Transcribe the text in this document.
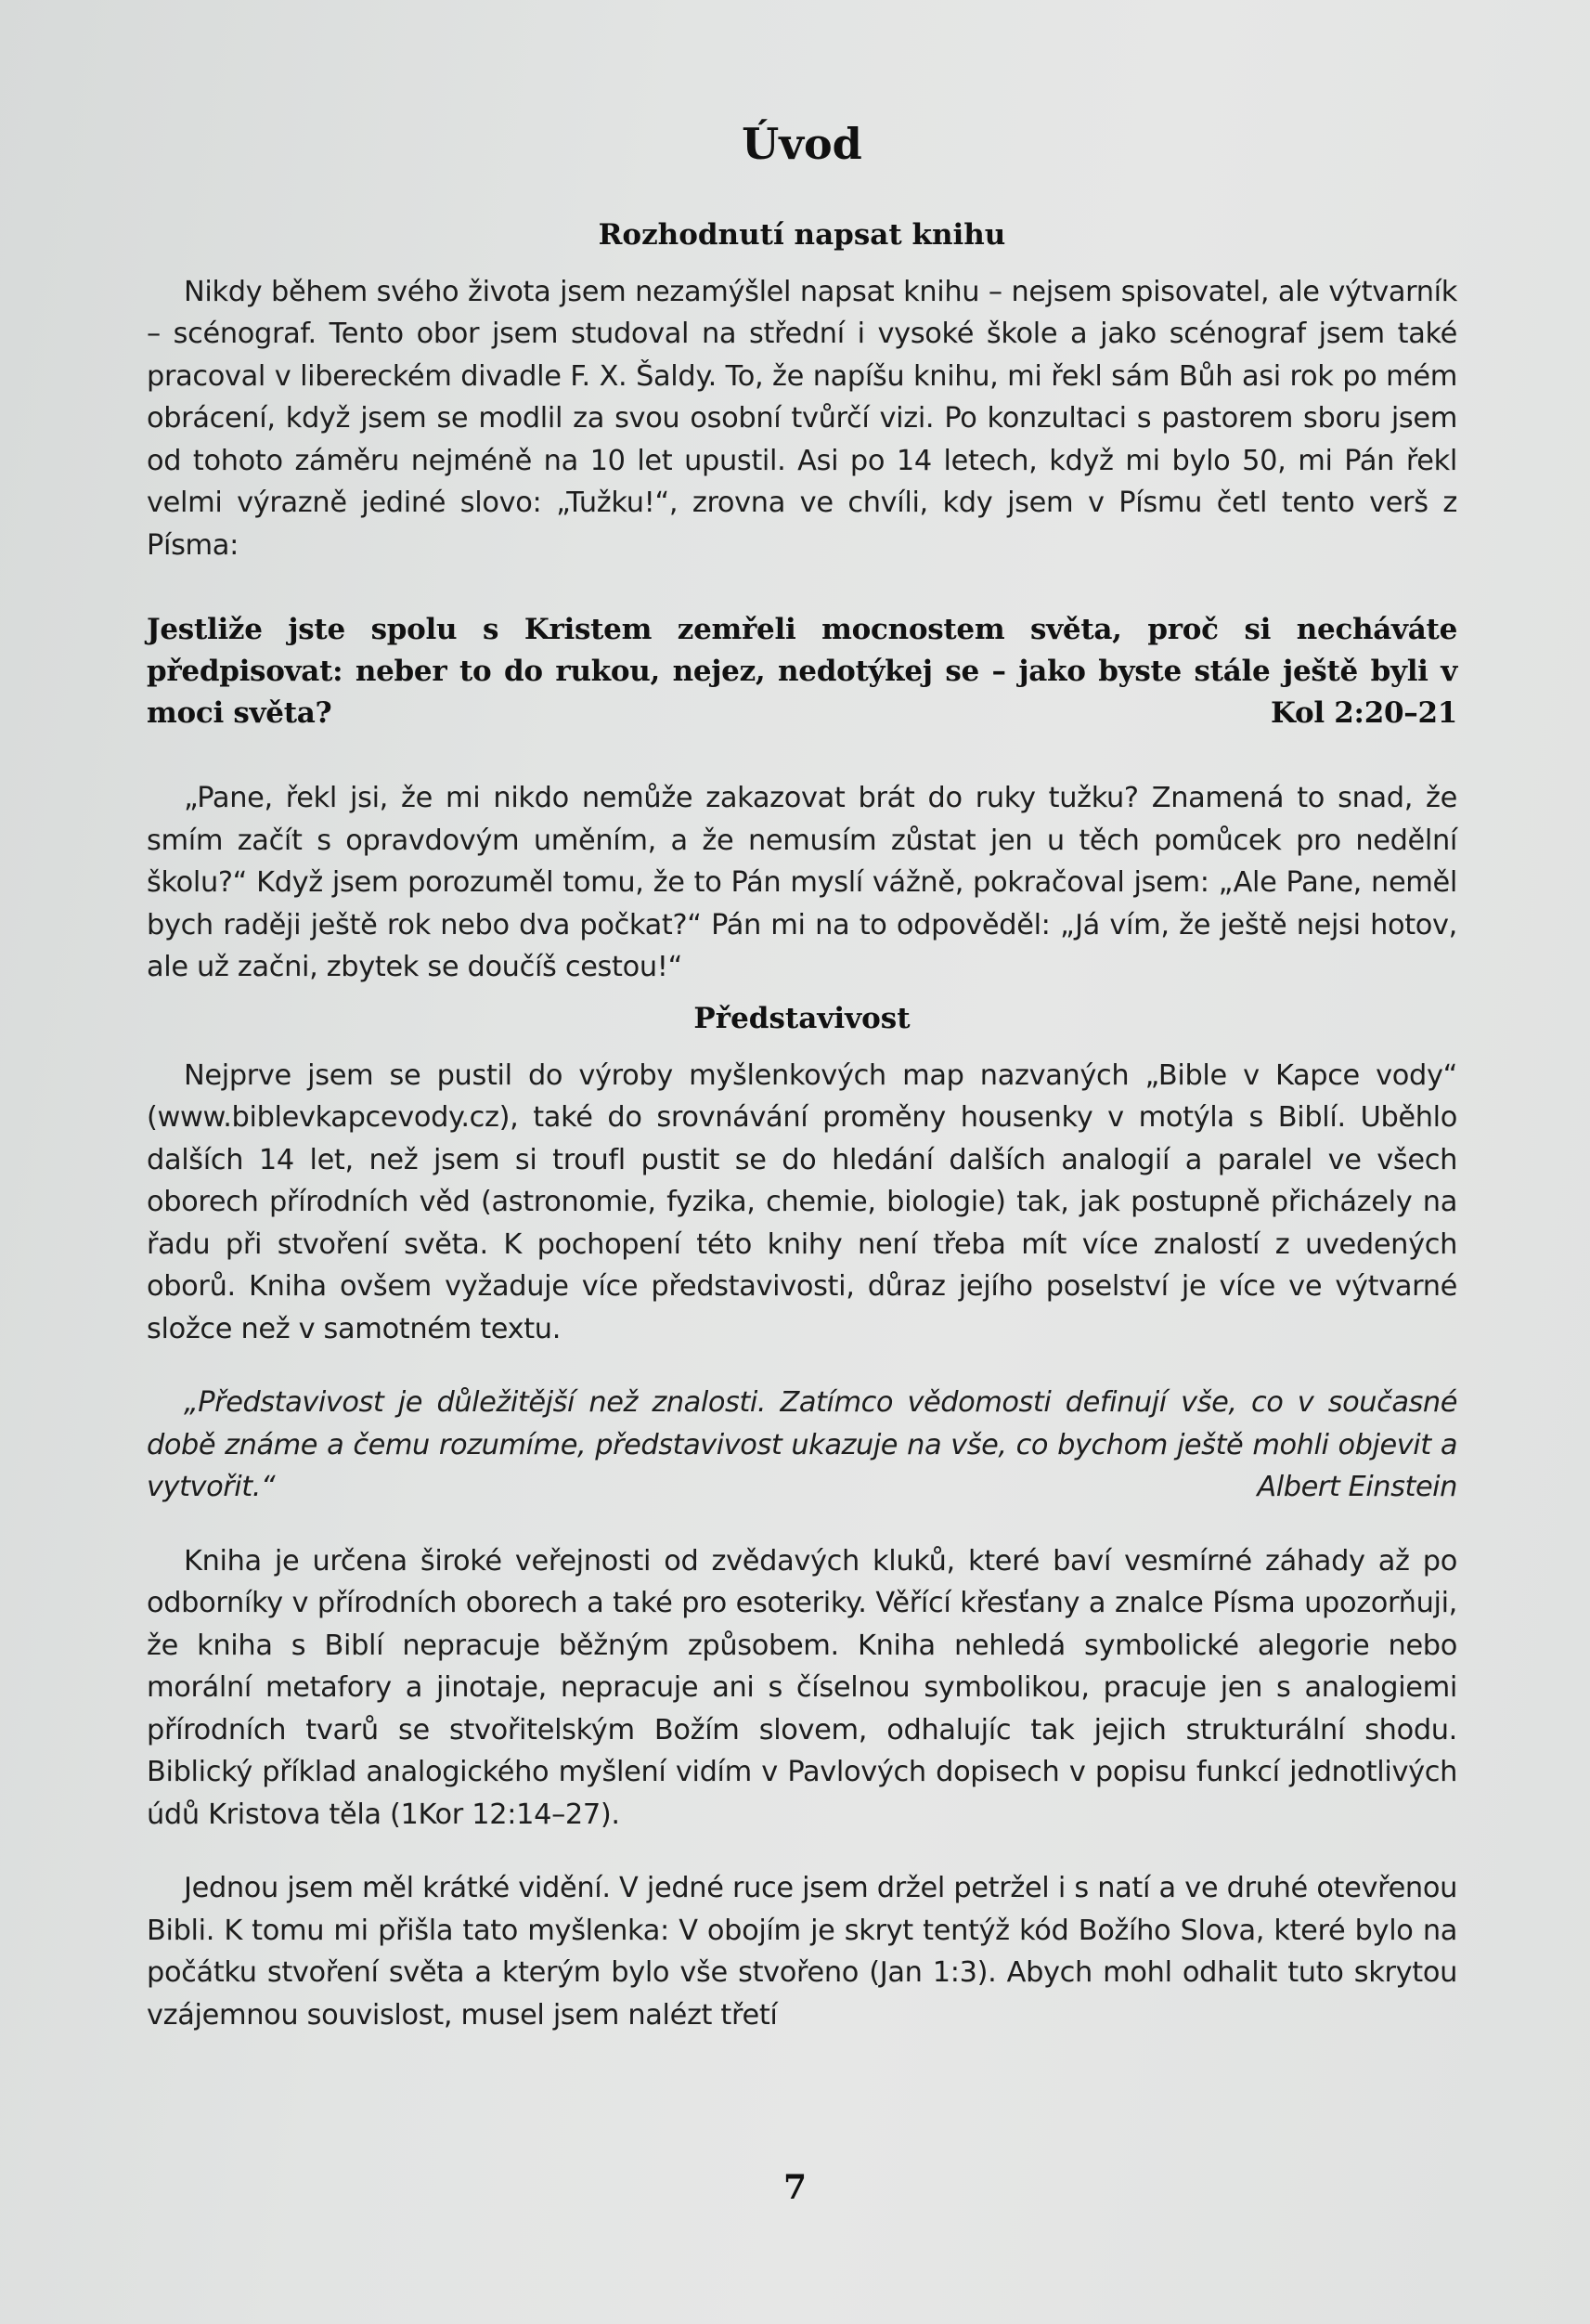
Úvod
Rozhodnutí napsat knihu

Nikdy během svého života jsem nezamýšlel napsat knihu – nejsem spisovatel, ale výtvarník – scénograf. Tento obor jsem studoval na střední i vysoké škole a jako scénograf jsem také pracoval v libereckém divadle F. X. Šaldy. To, že napíšu knihu, mi řekl sám Bůh asi rok po mém obrácení, když jsem se modlil za svou osobní tvůrčí vizi. Po konzultaci s pastorem sboru jsem od tohoto záměru nejméně na 10 let upustil. Asi po 14 letech, když mi bylo 50, mi Pán řekl velmi výrazně jediné slovo: „Tužku!“, zrovna ve chvíli, kdy jsem v Písmu četl tento verš z Písma:

Jestliže jste spolu s Kristem zemřeli mocnostem světa, proč si necháváte předpisovat: neber to do rukou, nejez, nedotýkej se – jako byste stále ještě byli v moci světa?	Kol 2:20–21

„Pane, řekl jsi, že mi nikdo nemůže zakazovat brát do ruky tužku? Znamená to snad, že smím začít s opravdovým uměním, a že nemusím zůstat jen u těch pomůcek pro nedělní školu?“ Když jsem porozuměl tomu, že to Pán myslí vážně, pokračoval jsem: „Ale Pane, neměl bych raději ještě rok nebo dva počkat?“ Pán mi na to odpověděl: „Já vím, že ještě nejsi hotov, ale už začni, zbytek se doučíš cestou!“

Představivost

Nejprve jsem se pustil do výroby myšlenkových map nazvaných „Bible v Kapce vody“ (www.biblevkapcevody.cz), také do srovnávání proměny housenky v motýla s Biblí. Uběhlo dalších 14 let, než jsem si troufl pustit se do hledání dalších analogií a paralel ve všech oborech přírodních věd (astronomie, fyzika, chemie, biologie) tak, jak postupně přicházely na řadu při stvoření světa. K pochopení této knihy není třeba mít více znalostí z uvedených oborů. Kniha ovšem vyžaduje více představivosti, důraz jejího poselství je více ve výtvarné složce než v samotném textu.

„Představivost je důležitější než znalosti. Zatímco vědomosti definují vše, co v současné době známe a čemu rozumíme, představivost ukazuje na vše, co bychom ještě mohli objevit a vytvořit.“	Albert Einstein

Kniha je určena široké veřejnosti od zvědavých kluků, které baví vesmírné záhady až po odborníky v přírodních oborech a také pro esoteriky. Věřící křesťany a znalce Písma upozorňuji, že kniha s Biblí nepracuje běžným způsobem. Kniha nehledá symbolické alegorie nebo morální metafory a jinotaje, nepracuje ani s číselnou symbolikou, pracuje jen s analogiemi přírodních tvarů se stvořitelským Božím slovem, odhalujíc tak jejich strukturální shodu. Biblický příklad analogického myšlení vidím v Pavlových dopisech v popisu funkcí jednotlivých údů Kristova těla (1Kor 12:14–27).

Jednou jsem měl krátké vidění. V jedné ruce jsem držel petržel i s natí a ve druhé otevřenou Bibli. K tomu mi přišla tato myšlenka: V obojím je skryt tentýž kód Božího Slova, které bylo na počátku stvoření světa a kterým bylo vše stvořeno (Jan 1:3). Abych mohl odhalit tuto skrytou vzájemnou souvislost, musel jsem nalézt třetí

7
